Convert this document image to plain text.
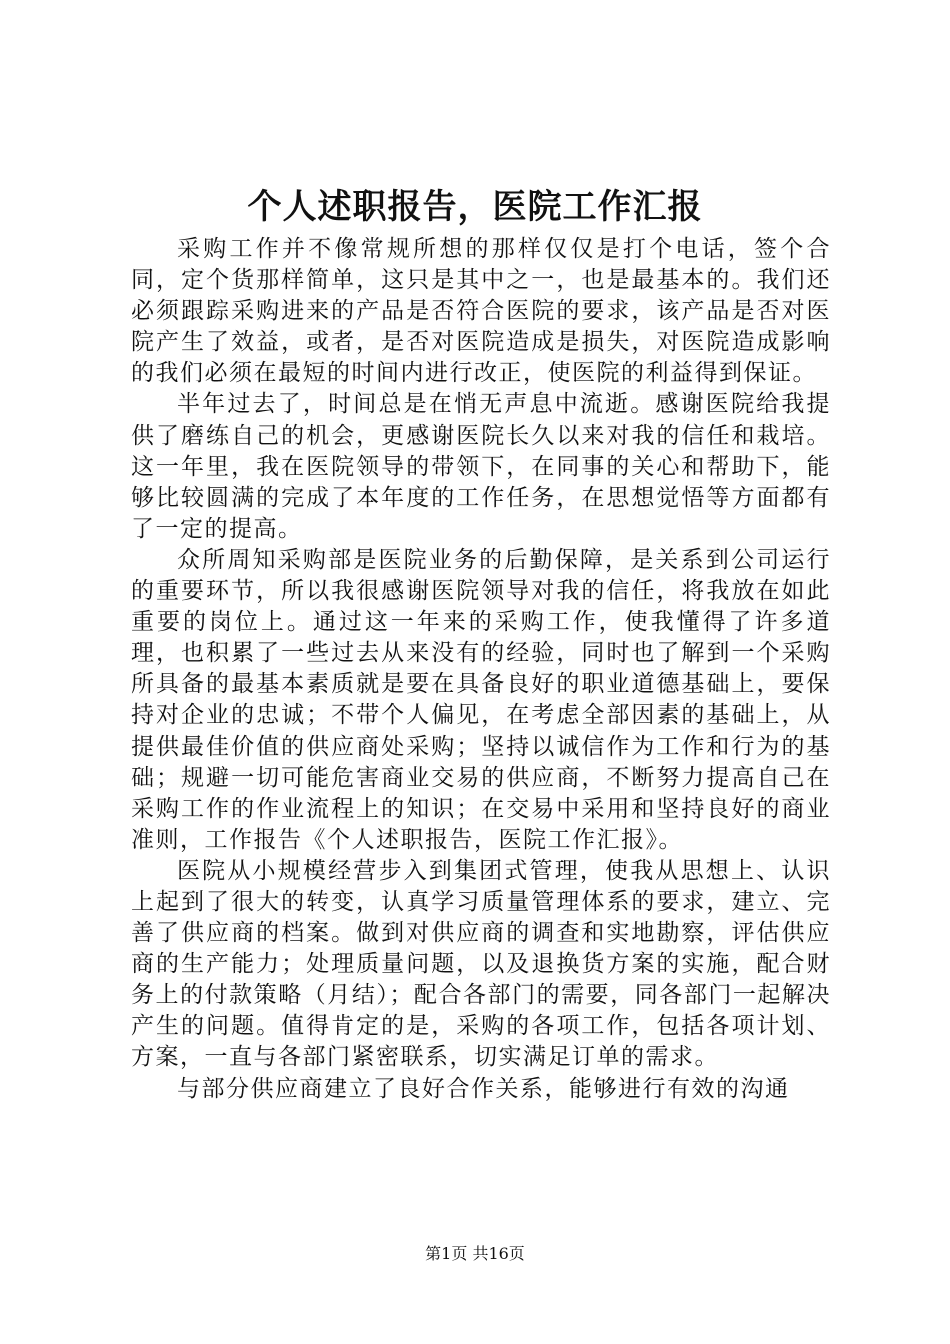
个人述职报告，医院工作汇报

采购工作并不像常规所想的那样仅仅是打个电话，签个合同，定个货那样简单，这只是其中之一，也是最基本的。我们还必须跟踪采购进来的产品是否符合医院的要求，该产品是否对医院产生了效益，或者，是否对医院造成是损失，对医院造成影响的我们必须在最短的时间内进行改正，使医院的利益得到保证。

半年过去了，时间总是在悄无声息中流逝。感谢医院给我提供了磨练自己的机会，更感谢医院长久以来对我的信任和栽培。这一年里，我在医院领导的带领下，在同事的关心和帮助下，能够比较圆满的完成了本年度的工作任务，在思想觉悟等方面都有了一定的提高。

众所周知采购部是医院业务的后勤保障，是关系到公司运行的重要环节，所以我很感谢医院领导对我的信任，将我放在如此重要的岗位上。通过这一年来的采购工作，使我懂得了许多道理，也积累了一些过去从来没有的经验，同时也了解到一个采购所具备的最基本素质就是要在具备良好的职业道德基础上，要保持对企业的忠诚；不带个人偏见，在考虑全部因素的基础上，从提供最佳价值的供应商处采购；坚持以诚信作为工作和行为的基础；规避一切可能危害商业交易的供应商，不断努力提高自己在采购工作的作业流程上的知识；在交易中采用和坚持良好的商业准则，工作报告《个人述职报告，医院工作汇报》。

医院从小规模经营步入到集团式管理，使我从思想上、认识上起到了很大的转变，认真学习质量管理体系的要求，建立、完善了供应商的档案。做到对供应商的调查和实地勘察，评估供应商的生产能力；处理质量问题，以及退换货方案的实施，配合财务上的付款策略（月结）；配合各部门的需要，同各部门一起解决产生的问题。值得肯定的是，采购的各项工作，包括各项计划、方案，一直与各部门紧密联系，切实满足订单的需求。

与部分供应商建立了良好合作关系，能够进行有效的沟通

第1页 共16页
